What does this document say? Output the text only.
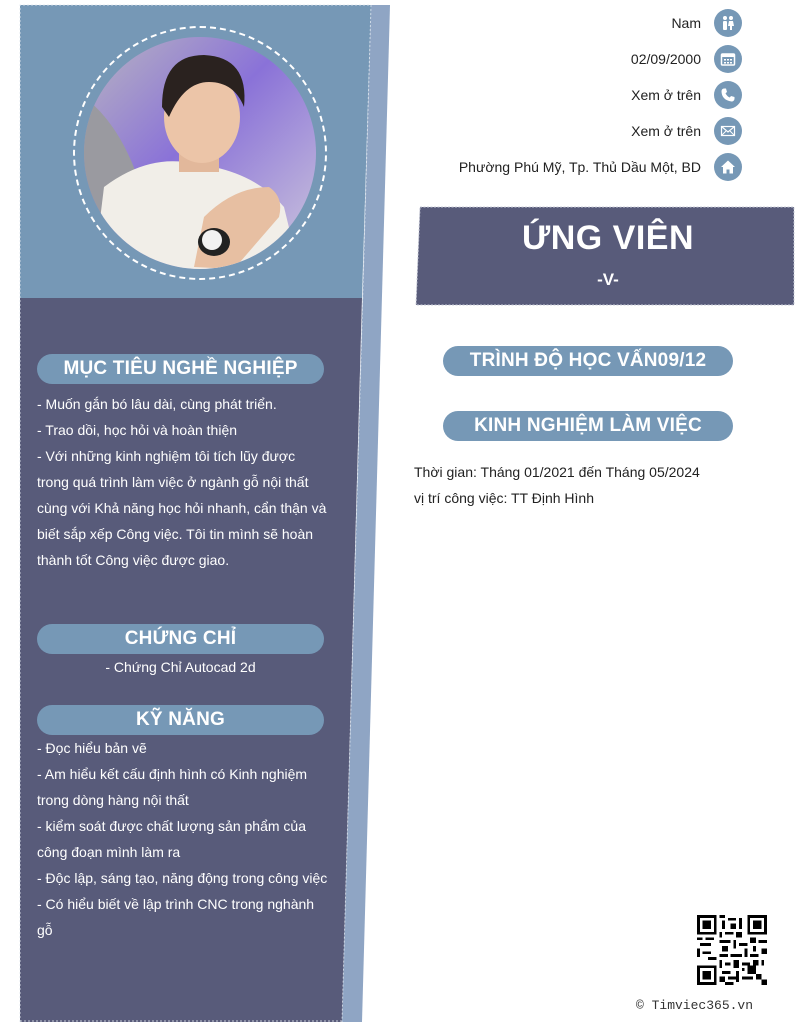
Nam
02/09/2000
Xem ở trên
Xem ở trên
Phường Phú Mỹ, Tp. Thủ Dầu Một, BD
ỨNG VIÊN
-V-
MỤC TIÊU NGHỀ NGHIỆP
- Muốn gắn bó lâu dài, cùng phát triển.
- Trao dồi, học hỏi và hoàn thiện
- Với những kinh nghiệm tôi tích lũy được trong quá trình làm việc ở ngành gỗ nội thất cùng với Khả năng học hỏi nhanh, cẩn thận và biết sắp xếp Công việc. Tôi tin mình sẽ hoàn thành tốt Công việc được giao.
CHỨNG CHỈ
- Chứng Chỉ Autocad 2d
KỸ NĂNG
- Đọc hiểu bản vẽ
- Am hiểu kết cấu định hình có Kinh nghiệm trong dòng hàng nội thất
- kiểm soát được chất lượng sản phẩm của công đoạn mình làm ra
- Độc lập, sáng tạo, năng động trong công việc
- Có hiểu biết về lập trình CNC trong nghành gỗ
TRÌNH ĐỘ HỌC VẤN09/12
KINH NGHIỆM LÀM VIỆC
Thời gian: Tháng 01/2021 đến Tháng 05/2024
vị trí công việc: TT Định Hình
© Timviec365.vn
